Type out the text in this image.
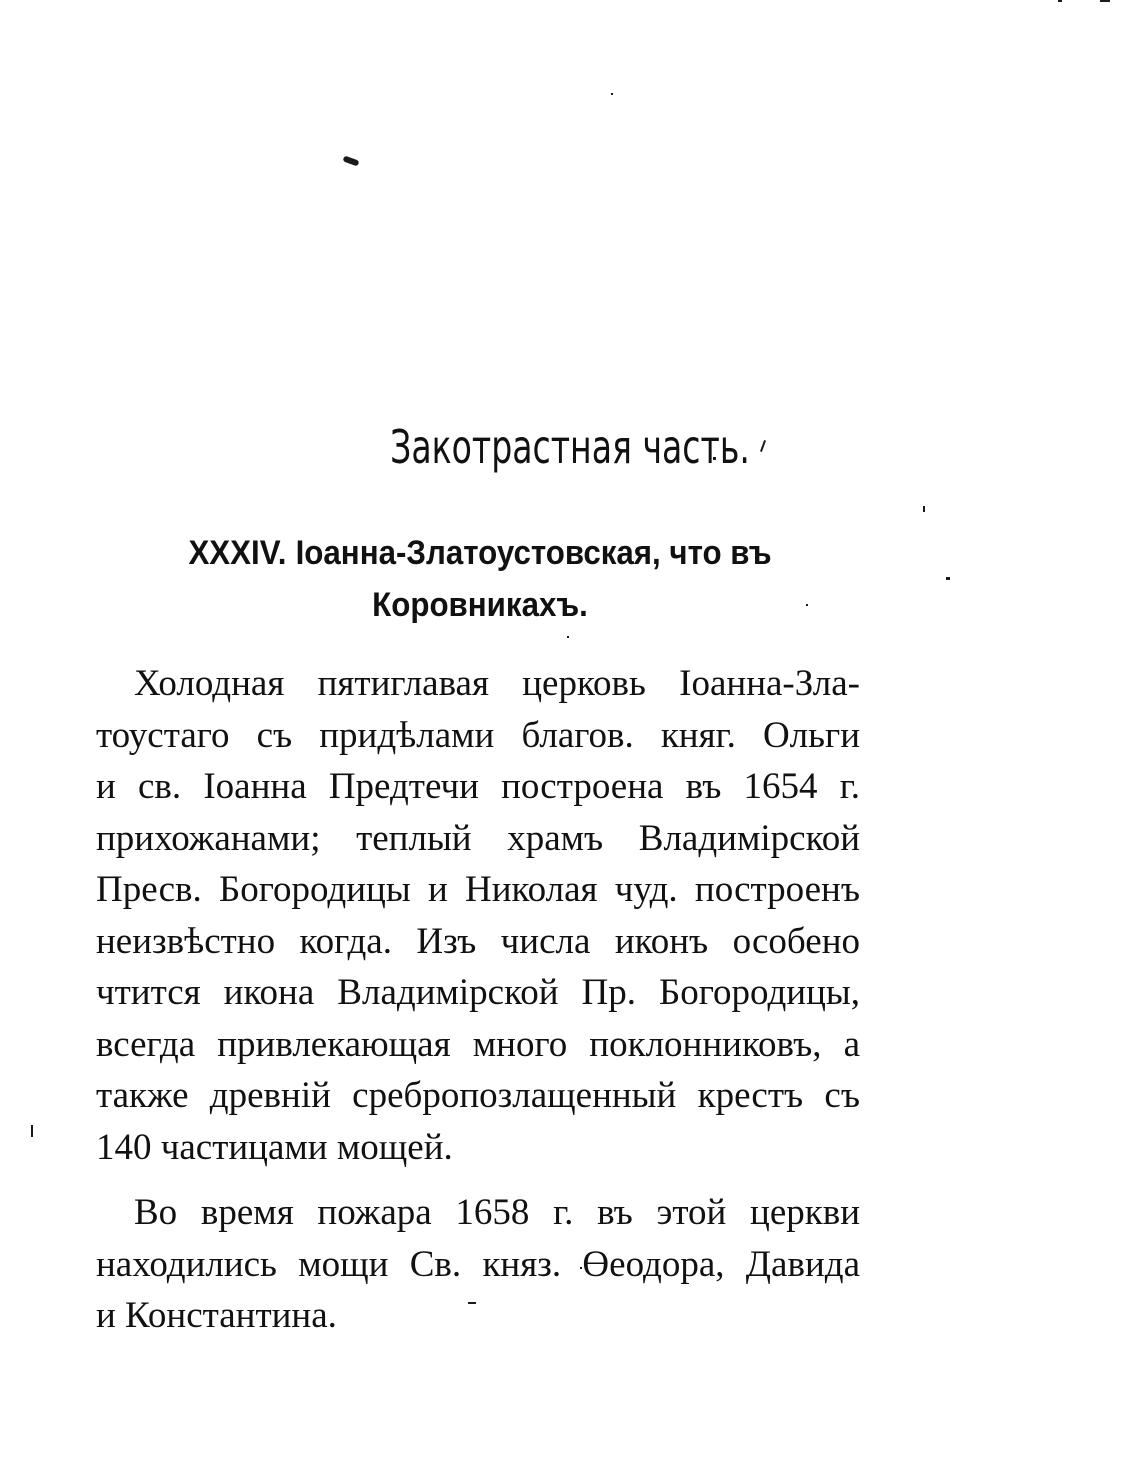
Закотрастная часть.
XXXIV. Іоанна-Златоустовская, что въ
Коровникахъ.

Холодная пятиглавая церковь Іоанна-Зла-
тоустаго съ придѣлами благов. княг. Ольги
и св. Іоанна Предтечи построена въ 1654 г.
прихожанами; теплый храмъ Владимірской
Пресв. Богородицы и Николая чуд. построенъ
неизвѣстно когда. Изъ числа иконъ особено
чтится икона Владимірской Пр. Богородицы,
всегда привлекающая много поклонниковъ, а
также древній сребропозлащенный крестъ съ
140 частицами мощей.

Во время пожара 1658 г. въ этой церкви
находились мощи Св. княз. Өеодора, Давида
и Константина.
